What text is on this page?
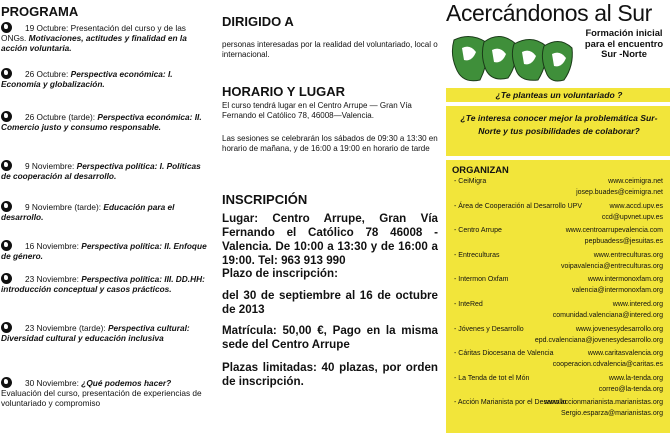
PROGRAMA
19 Octubre: Presentación del curso y de las ONGs. Motivaciones, actitudes y finalidad en la acción voluntaria.
26 Octubre: Perspectiva económica: I. Economía y globalización.
26 Octubre (tarde): Perspectiva económica: II. Comercio justo y consumo responsable.
9 Noviembre: Perspectiva política: I. Políticas de cooperación al desarrollo.
9 Noviembre (tarde): Educación para el desarrollo.
16 Noviembre: Perspectiva política: II. Enfoque de género.
23 Noviembre: Perspectiva política: III. DD.HH: introducción conceptual y casos prácticos.
23 Noviembre (tarde): Perspectiva cultural: Diversidad cultural y educación inclusiva
30 Noviembre: ¿Qué podemos hacer? Evaluación del curso, presentación de experiencias de voluntariado y compromiso
DIRIGIDO A
personas interesadas por la realidad del voluntariado, local o internacional.
HORARIO Y LUGAR
El curso tendrá lugar en el Centro Arrupe — Gran Vía Fernando el Católico 78, 46008—Valencia.
Las sesiones se celebrarán los sábados de 09:30 a 13:30 en horario de mañana, y de 16:00 a 19:00 en horario de tarde
INSCRIPCIÓN
Lugar: Centro Arrupe, Gran Vía Fernando el Católico 78 46008 - Valencia. De 10:00 a 13:30 y de 16:00 a 19:00. Tel: 963 913 990
Plazo de inscripción:
del 30 de septiembre al 16 de octubre de 2013
Matrícula: 50,00 €, Pago en la misma sede del Centro Arrupe
Plazas limitadas: 40 plazas, por orden de inscripción.
Acercándonos al Sur
Formación inicial para el encuentro Sur -Norte
¿Te planteas un voluntariado ?
¿Te interesa conocer mejor la problemática Sur-Norte y tus posibilidades de colaborar?
ORGANIZAN
- CeiMigra	www.ceimigra.net
josep.buades@ceimigra.net
- Área de Cooperación al Desarrollo UPV	www.accd.upv.es
ccd@upvnet.upv.es
- Centro Arrupe	www.centroarrupevalencia.com
pepbuadess@jesuitas.es
- Entreculturas	www.entreculturas.org
voipavalencia@entreculturas.org
- Intermon Oxfam	www.intermonoxfam.org
valencia@intermonoxfam.org
- InteRed	www.intered.org
comunidad.valenciana@intered.org
- Jóvenes y Desarrollo	www.jovenesydesarrollo.org
epd.cvalenciana@jovenesydesarrollo.org
- Cáritas Diocesana de Valencia	www.caritasvalencia.org
cooperacion.cdvalencia@caritas.es
- La Tenda de tot el Món	www.la-tenda.org
correo@la-tenda.org
- Acción Marianista por el Desarrollo
www.accionmarianista.marianistas.org
Sergio.esparza@marianistas.org
